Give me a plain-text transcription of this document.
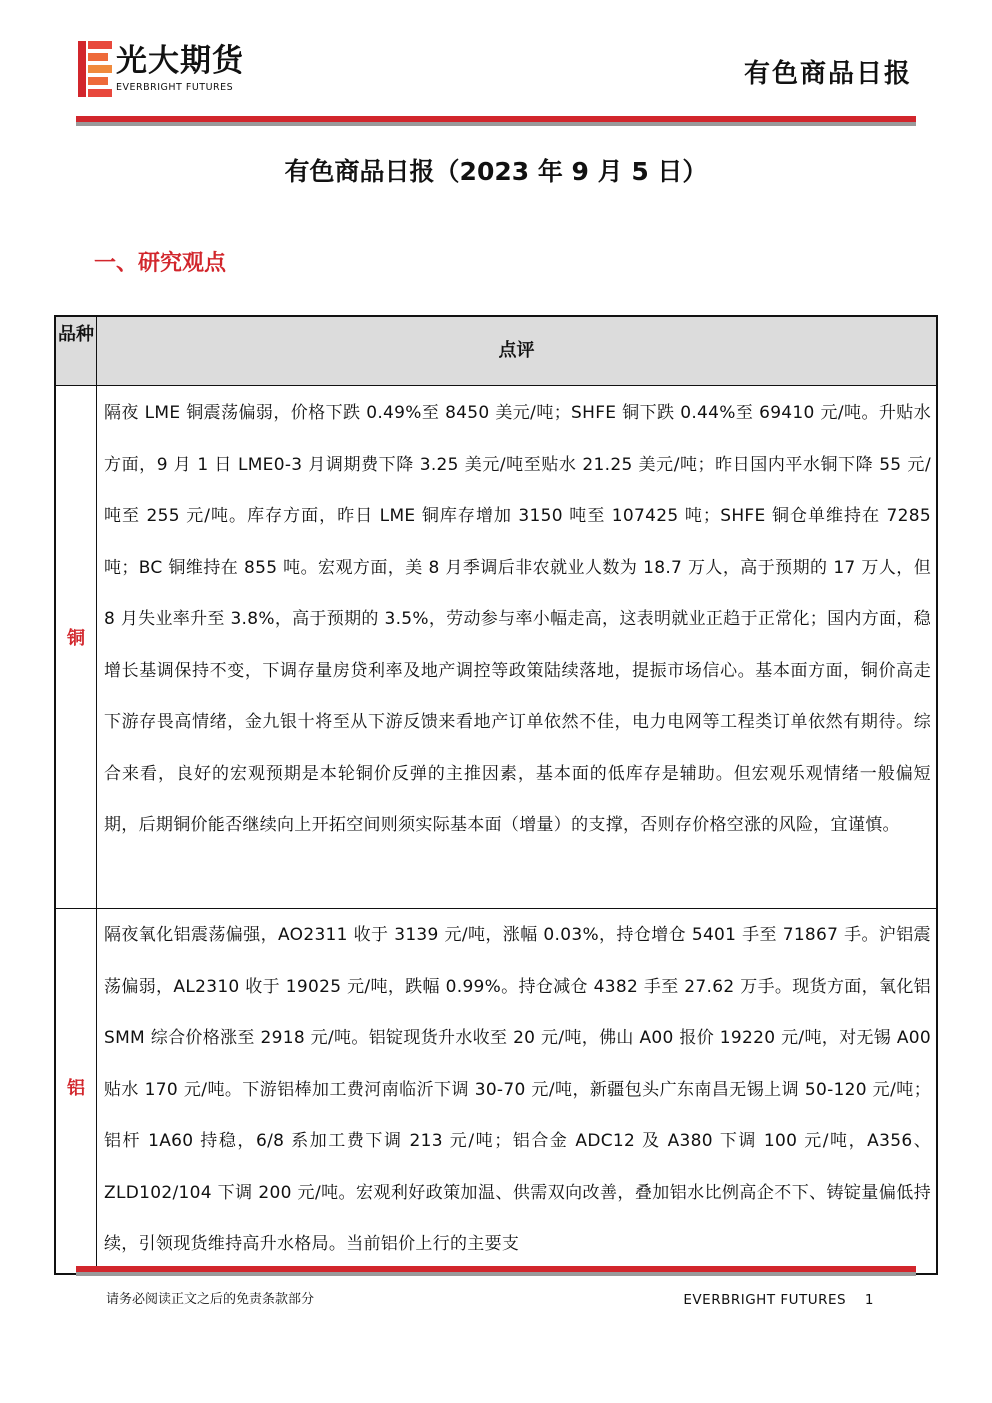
光大期货
EVERBRIGHT FUTURES	有色商品日报
有色商品日报（2023 年 9 月 5 日）
一、研究观点
品种
点评
铜

隔夜 LME 铜震荡偏弱，价格下跌 0.49%至 8450 美元/吨；SHFE 铜下跌 0.44%至 69410 元/吨。升贴水方面，9 月 1 日 LME0-3 月调期费下降 3.25 美元/吨至贴水 21.25 美元/吨；昨日国内平水铜下降 55 元/吨至 255 元/吨。库存方面，昨日 LME 铜库存增加 3150 吨至 107425 吨；SHFE 铜仓单维持在 7285 吨；BC 铜维持在 855 吨。宏观方面，美 8 月季调后非农就业人数为 18.7 万人，高于预期的 17 万人，但 8 月失业率升至 3.8%，高于预期的 3.5%，劳动参与率小幅走高，这表明就业正趋于正常化；国内方面，稳增长基调保持不变，下调存量房贷利率及地产调控等政策陆续落地，提振市场信心。基本面方面，铜价高走下游存畏高情绪，金九银十将至从下游反馈来看地产订单依然不佳，电力电网等工程类订单依然有期待。综合来看，良好的宏观预期是本轮铜价反弹的主推因素，基本面的低库存是辅助。但宏观乐观情绪一般偏短期，后期铜价能否继续向上开拓空间则须实际基本面（增量）的支撑，否则存价格空涨的风险，宜谨慎。

铝

隔夜氧化铝震荡偏强，AO2311 收于 3139 元/吨，涨幅 0.03%，持仓增仓 5401 手至 71867 手。沪铝震荡偏弱，AL2310 收于 19025 元/吨，跌幅 0.99%。持仓减仓 4382 手至 27.62 万手。现货方面，氧化铝 SMM 综合价格涨至 2918 元/吨。铝锭现货升水收至 20 元/吨，佛山 A00 报价 19220 元/吨，对无锡 A00 贴水 170 元/吨。下游铝棒加工费河南临沂下调 30-70 元/吨，新疆包头广东南昌无锡上调 50-120 元/吨；铝杆 1A60 持稳，6/8 系加工费下调 213 元/吨；铝合金 ADC12 及 A380 下调 100 元/吨，A356、ZLD102/104 下调 200 元/吨。宏观利好政策加温、供需双向改善，叠加铝水比例高企不下、铸锭量偏低持续，引领现货维持高升水格局。当前铝价上行的主要支

请务必阅读正文之后的免责条款部分	EVERBRIGHT FUTURES 1
